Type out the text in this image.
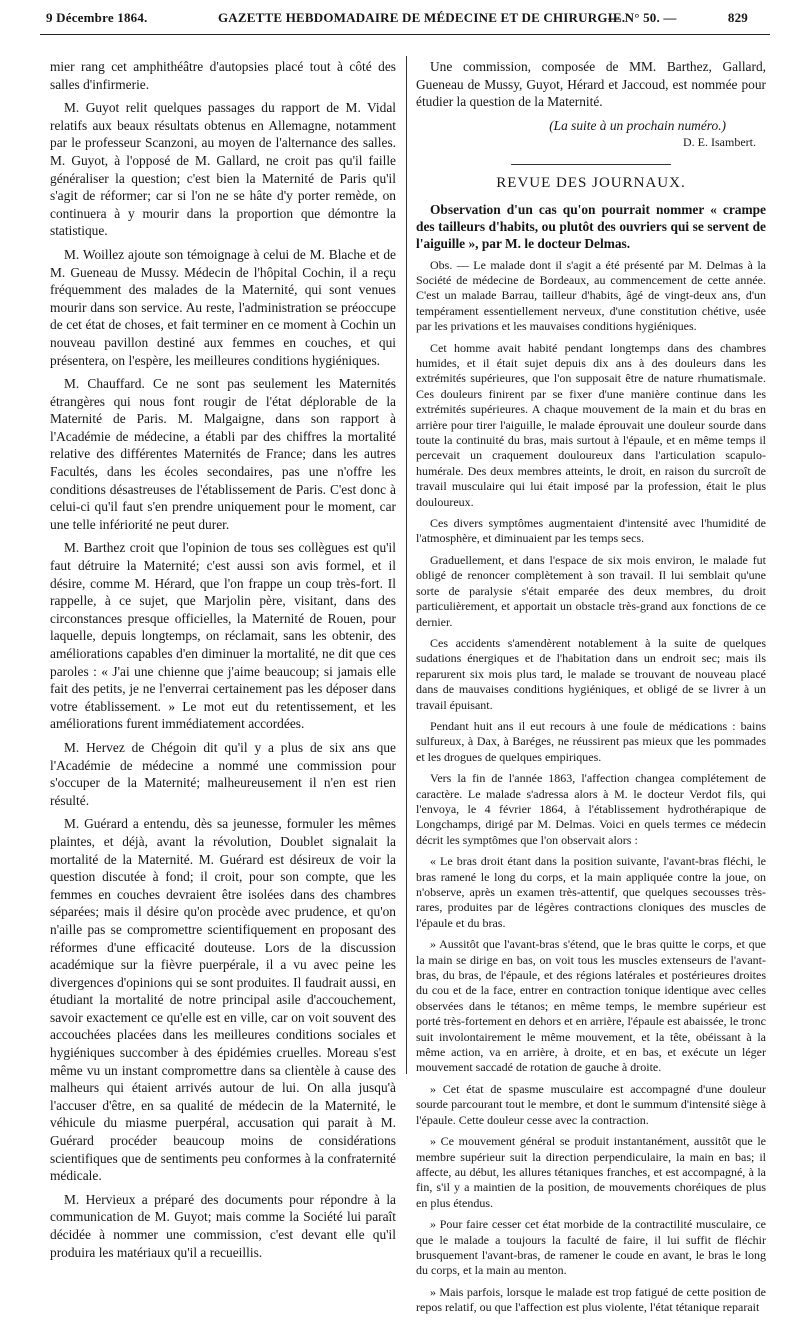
9 Décembre 1864.	GAZETTE HEBDOMADAIRE DE MÉDECINE ET DE CHIRURGIE.
— N° 50. —	829

mier rang cet amphithéâtre d'autopsies placé tout à côté des salles d'infirmerie.

M. Guyot relit quelques passages du rapport de M. Vidal relatifs aux beaux résultats obtenus en Allemagne, notamment par le professeur Scanzoni, au moyen de l'alternance des salles. M. Guyot, à l'opposé de M. Gallard, ne croit pas qu'il faille généraliser la question; c'est bien la Maternité de Paris qu'il s'agit de réformer; car si l'on ne se hâte d'y porter remède, on continuera à y mourir dans la proportion que démontre la statistique.

M. Woillez ajoute son témoignage à celui de M. Blache et de M. Gueneau de Mussy. Médecin de l'hôpital Cochin, il a reçu fréquemment des malades de la Maternité, qui sont venues mourir dans son service. Au reste, l'administration se préoccupe de cet état de choses, et fait terminer en ce moment à Cochin un nouveau pavillon destiné aux femmes en couches, et qui présentera, on l'espère, les meilleures conditions hygiéniques.

M. Chauffard. Ce ne sont pas seulement les Maternités étrangères qui nous font rougir de l'état déplorable de la Maternité de Paris. M. Malgaigne, dans son rapport à l'Académie de médecine, a établi par des chiffres la mortalité relative des différentes Maternités de France; dans les autres Facultés, dans les écoles secondaires, pas une n'offre les conditions désastreuses de l'établissement de Paris. C'est donc à celui-ci qu'il faut s'en prendre uniquement pour le moment, car une telle infériorité ne peut durer.

M. Barthez croit que l'opinion de tous ses collègues est qu'il faut détruire la Maternité; c'est aussi son avis formel, et il désire, comme M. Hérard, que l'on frappe un coup très-fort. Il rappelle, à ce sujet, que Marjolin père, visitant, dans des circonstances presque officielles, la Maternité de Rouen, pour laquelle, depuis longtemps, on réclamait, sans les obtenir, des améliorations capables d'en diminuer la mortalité, ne dit que ces paroles : « J'ai une chienne que j'aime beaucoup; si jamais elle fait des petits, je ne l'enverrai certainement pas les déposer dans votre établissement. » Le mot eut du retentissement, et les améliorations furent immédiatement accordées.

M. Hervez de Chégoin dit qu'il y a plus de six ans que l'Académie de médecine a nommé une commission pour s'occuper de la Maternité; malheureusement il n'en est rien résulté.

M. Guérard a entendu, dès sa jeunesse, formuler les mêmes plaintes, et déjà, avant la révolution, Doublet signalait la mortalité de la Maternité. M. Guérard est désireux de voir la question discutée à fond; il croit, pour son compte, que les femmes en couches devraient être isolées dans des chambres séparées; mais il désire qu'on procède avec prudence, et qu'on n'aille pas se compromettre scientifiquement en proposant des réformes d'une efficacité douteuse. Lors de la discussion académique sur la fièvre puerpérale, il a vu avec peine les divergences d'opinions qui se sont produites. Il faudrait aussi, en étudiant la mortalité de notre principal asile d'accouchement, savoir exactement ce qu'elle est en ville, car on voit souvent des accouchées placées dans les meilleures conditions sociales et hygiéniques succomber à des épidémies cruelles. Moreau s'est même vu un instant compromettre dans sa clientèle à cause des malheurs qui étaient arrivés autour de lui. On alla jusqu'à l'accuser d'être, en sa qualité de médecin de la Maternité, le véhicule du miasme puerpéral, accusation qui parait à M. Guérard procéder beaucoup moins de considérations scientifiques que de sentiments peu conformes à la confraternité médicale.

M. Hervieux a préparé des documents pour répondre à la communication de M. Guyot; mais comme la Société lui paraît décidée à nommer une commission, c'est devant elle qu'il produira les matériaux qu'il a recueillis.

Une commission, composée de MM. Barthez, Gallard, Gueneau de Mussy, Guyot, Hérard et Jaccoud, est nommée pour étudier la question de la Maternité.

(La suite à un prochain numéro.)
D. E. Isambert.
REVUE DES JOURNAUX.

Observation d'un cas qu'on pourrait nommer « crampe des tailleurs d'habits, ou plutôt des ouvriers qui se servent de l'aiguille », par M. le docteur Delmas.

Obs. — Le malade dont il s'agit a été présenté par M. Delmas à la Société de médecine de Bordeaux, au commencement de cette année. C'est un malade Barrau, tailleur d'habits, âgé de vingt-deux ans, d'un tempérament essentiellement nerveux, d'une constitution chétive, usée par les privations et les mauvaises conditions hygiéniques.

Cet homme avait habité pendant longtemps dans des chambres humides, et il était sujet depuis dix ans à des douleurs dans les extrémités supérieures, que l'on supposait être de nature rhumatismale. Ces douleurs finirent par se fixer d'une manière continue dans les extrémités supérieures. A chaque mouvement de la main et du bras en arrière pour tirer l'aiguille, le malade éprouvait une douleur sourde dans toute la continuité du bras, mais surtout à l'épaule, et en même temps il percevait un craquement douloureux dans l'articulation scapulo-humérale. Des deux membres atteints, le droit, en raison du surcroît de travail musculaire qui lui était imposé par la profession, était le plus douloureux.

Ces divers symptômes augmentaient d'intensité avec l'humidité de l'atmosphère, et diminuaient par les temps secs.

Graduellement, et dans l'espace de six mois environ, le malade fut obligé de renoncer complètement à son travail. Il lui semblait qu'une sorte de paralysie s'était emparée des deux membres, du droit particulièrement, et apportait un obstacle très-grand aux fonctions de ce dernier.

Ces accidents s'amendèrent notablement à la suite de quelques sudations énergiques et de l'habitation dans un endroit sec; mais ils reparurent six mois plus tard, le malade se trouvant de nouveau placé dans de mauvaises conditions hygiéniques, et obligé de se livrer à un travail épuisant.

Pendant huit ans il eut recours à une foule de médications : bains sulfureux, à Dax, à Baréges, ne réussirent pas mieux que les pommades et les drogues de quelques empiriques.

Vers la fin de l'année 1863, l'affection changea complétement de caractère. Le malade s'adressa alors à M. le docteur Verdot fils, qui l'envoya, le 4 février 1864, à l'établissement hydrothérapique de Longchamps, dirigé par M. Delmas. Voici en quels termes ce médecin décrit les symptômes que l'on observait alors :

« Le bras droit étant dans la position suivante, l'avant-bras fléchi, le bras ramené le long du corps, et la main appliquée contre la joue, on n'observe, après un examen très-attentif, que quelques secousses très-rares, produites par de légères contractions cloniques des muscles de l'épaule et du bras.

» Aussitôt que l'avant-bras s'étend, que le bras quitte le corps, et que la main se dirige en bas, on voit tous les muscles extenseurs de l'avant-bras, du bras, de l'épaule, et des régions latérales et postérieures droites du cou et de la face, entrer en contraction tonique identique avec celles observées dans le tétanos; en même temps, le membre supérieur est porté très-fortement en dehors et en arrière, l'épaule est abaissée, le tronc suit involontairement le même mouvement, et la tête, obéissant à la même action, va en arrière, à droite, et en bas, et exécute un léger mouvement saccadé de rotation de gauche à droite.

» Cet état de spasme musculaire est accompagné d'une douleur sourde parcourant tout le membre, et dont le summum d'intensité siège à l'épaule. Cette douleur cesse avec la contraction.

» Ce mouvement général se produit instantanément, aussitôt que le membre supérieur suit la direction perpendiculaire, la main en bas; il affecte, au début, les allures tétaniques franches, et est accompagné, à la fin, s'il y a maintien de la position, de mouvements choréiques de plus en plus étendus.

» Pour faire cesser cet état morbide de la contractilité musculaire, ce que le malade a toujours la faculté de faire, il lui suffit de fléchir brusquement l'avant-bras, de ramener le coude en avant, le bras le long du corps, et la main au menton.

» Mais parfois, lorsque le malade est trop fatigué de cette position de repos relatif, ou que l'affection est plus violente, l'état tétanique reparait
